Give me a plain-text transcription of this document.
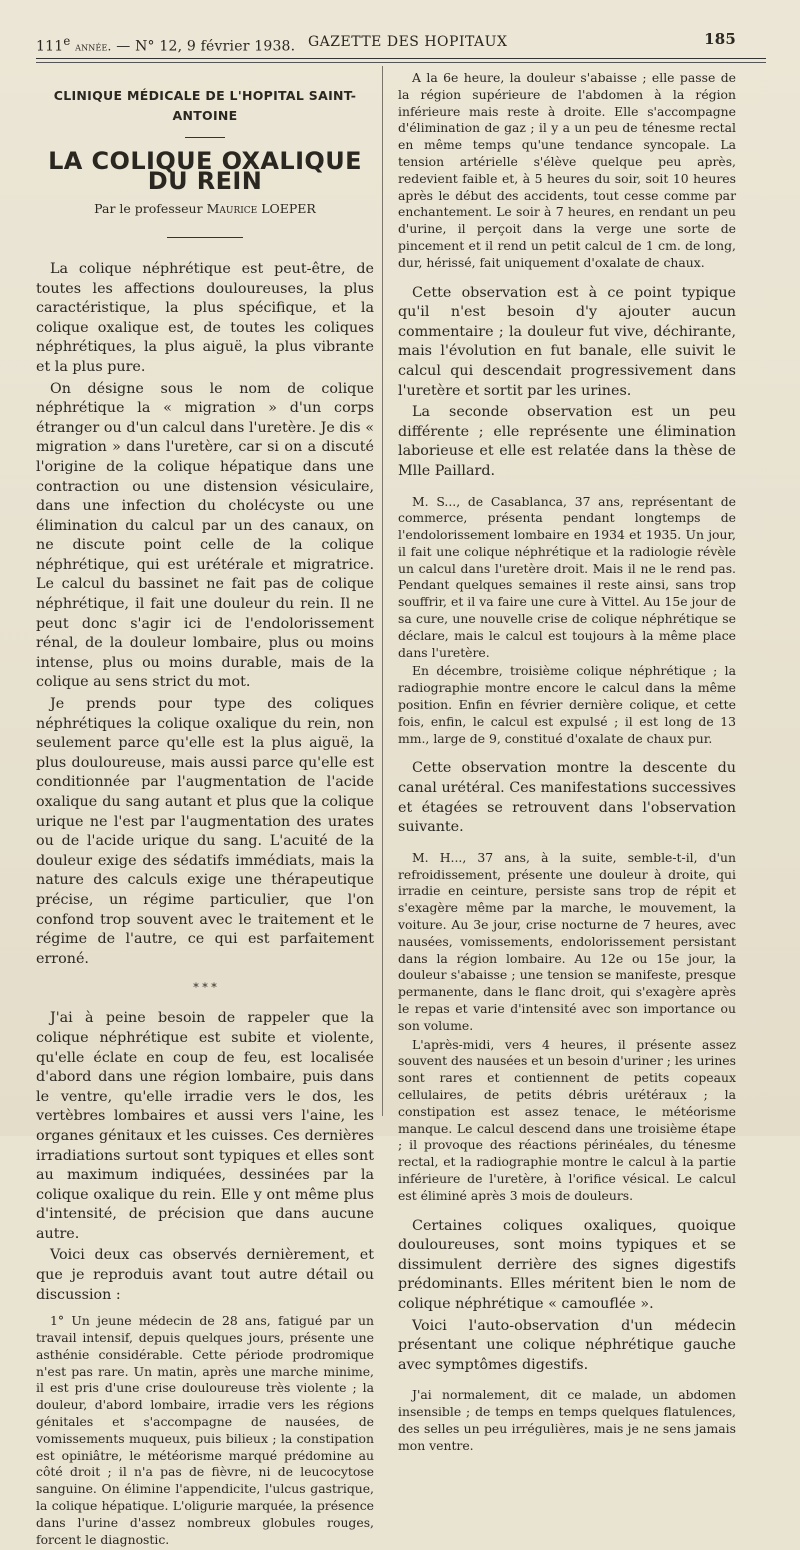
111e année. — N° 12, 9 février 1938. GAZETTE DES HOPITAUX	185
CLINIQUE MÉDICALE DE L'HOPITAL SAINT-ANTOINE
LA COLIQUE OXALIQUE DU REIN
Par le professeur Maurice LOEPER

La colique néphrétique est peut-être, de toutes les affections douloureuses, la plus caractéristique, la plus spécifique, et la colique oxalique est, de toutes les coliques néphrétiques, la plus aiguë, la plus vibrante et la plus pure.

On désigne sous le nom de colique néphrétique la « migration » d'un corps étranger ou d'un calcul dans l'uretère. Je dis « migration » dans l'uretère, car si on a discuté l'origine de la colique hépatique dans une contraction ou une distension vésiculaire, dans une infection du cholécyste ou une élimination du calcul par un des canaux, on ne discute point celle de la colique néphrétique, qui est urétérale et migratrice. Le calcul du bassinet ne fait pas de colique néphrétique, il fait une douleur du rein. Il ne peut donc s'agir ici de l'endolorissement rénal, de la douleur lombaire, plus ou moins intense, plus ou moins durable, mais de la colique au sens strict du mot.

Je prends pour type des coliques néphrétiques la colique oxalique du rein, non seulement parce qu'elle est la plus aiguë, la plus douloureuse, mais aussi parce qu'elle est conditionnée par l'augmentation de l'acide oxalique du sang autant et plus que la colique urique ne l'est par l'augmentation des urates ou de l'acide urique du sang. L'acuité de la douleur exige des sédatifs immédiats, mais la nature des calculs exige une thérapeutique précise, un régime particulier, que l'on confond trop souvent avec le traitement et le régime de l'autre, ce qui est parfaitement erroné.

* * *

J'ai à peine besoin de rappeler que la colique néphrétique est subite et violente, qu'elle éclate en coup de feu, est localisée d'abord dans une région lombaire, puis dans le ventre, qu'elle irradie vers le dos, les vertèbres lombaires et aussi vers l'aine, les organes génitaux et les cuisses. Ces dernières irradiations surtout sont typiques et elles sont au maximum indiquées, dessinées par la colique oxalique du rein. Elle y ont même plus d'intensité, de précision que dans aucune autre.

Voici deux cas observés dernièrement, et que je reproduis avant tout autre détail ou discussion :

1° Un jeune médecin de 28 ans, fatigué par un travail intensif, depuis quelques jours, présente une asthénie considérable. Cette période prodromique n'est pas rare. Un matin, après une marche minime, il est pris d'une crise douloureuse très violente ; la douleur, d'abord lombaire, irradie vers les régions génitales et s'accompagne de nausées, de vomissements muqueux, puis bilieux ; la constipation est opiniâtre, le météorisme marqué prédomine au côté droit ; il n'a pas de fièvre, ni de leucocytose sanguine. On élimine l'appendicite, l'ulcus gastrique, la colique hépatique. L'oligurie marquée, la présence dans l'urine d'assez nombreux globules rouges, forcent le diagnostic.

A la 6e heure, la douleur s'abaisse ; elle passe de la région supérieure de l'abdomen à la région inférieure mais reste à droite. Elle s'accompagne d'élimination de gaz ; il y a un peu de ténesme rectal en même temps qu'une tendance syncopale. La tension artérielle s'élève quelque peu après, redevient faible et, à 5 heures du soir, soit 10 heures après le début des accidents, tout cesse comme par enchantement. Le soir à 7 heures, en rendant un peu d'urine, il perçoit dans la verge une sorte de pincement et il rend un petit calcul de 1 cm. de long, dur, hérissé, fait uniquement d'oxalate de chaux.

Cette observation est à ce point typique qu'il n'est besoin d'y ajouter aucun commentaire ; la douleur fut vive, déchirante, mais l'évolution en fut banale, elle suivit le calcul qui descendait progressivement dans l'uretère et sortit par les urines.

La seconde observation est un peu différente ; elle représente une élimination laborieuse et elle est relatée dans la thèse de Mlle Paillard.

M. S..., de Casablanca, 37 ans, représentant de commerce, présenta pendant longtemps de l'endolorissement lombaire en 1934 et 1935. Un jour, il fait une colique néphrétique et la radiologie révèle un calcul dans l'uretère droit. Mais il ne le rend pas. Pendant quelques semaines il reste ainsi, sans trop souffrir, et il va faire une cure à Vittel. Au 15e jour de sa cure, une nouvelle crise de colique néphrétique se déclare, mais le calcul est toujours à la même place dans l'uretère.

En décembre, troisième colique néphrétique ; la radiographie montre encore le calcul dans la même position. Enfin en février dernière colique, et cette fois, enfin, le calcul est expulsé ; il est long de 13 mm., large de 9, constitué d'oxalate de chaux pur.

Cette observation montre la descente du canal urétéral. Ces manifestations successives et étagées se retrouvent dans l'observation suivante.

M. H..., 37 ans, à la suite, semble-t-il, d'un refroidissement, présente une douleur à droite, qui irradie en ceinture, persiste sans trop de répit et s'exagère même par la marche, le mouvement, la voiture. Au 3e jour, crise nocturne de 7 heures, avec nausées, vomissements, endolorissement persistant dans la région lombaire. Au 12e ou 15e jour, la douleur s'abaisse ; une tension se manifeste, presque permanente, dans le flanc droit, qui s'exagère après le repas et varie d'intensité avec son importance ou son volume.

L'après-midi, vers 4 heures, il présente assez souvent des nausées et un besoin d'uriner ; les urines sont rares et contiennent de petits copeaux cellulaires, de petits débris urétéraux ; la constipation est assez tenace, le météorisme manque. Le calcul descend dans une troisième étape ; il provoque des réactions périnéales, du ténesme rectal, et la radiographie montre le calcul à la partie inférieure de l'uretère, à l'orifice vésical. Le calcul est éliminé après 3 mois de douleurs.

Certaines coliques oxaliques, quoique douloureuses, sont moins typiques et se dissimulent derrière des signes digestifs prédominants. Elles méritent bien le nom de colique néphrétique « camouflée ».

Voici l'auto-observation d'un médecin présentant une colique néphrétique gauche avec symptômes digestifs.

J'ai normalement, dit ce malade, un abdomen insensible ; de temps en temps quelques flatulences, des selles un peu irrégulières, mais je ne sens jamais mon ventre.
